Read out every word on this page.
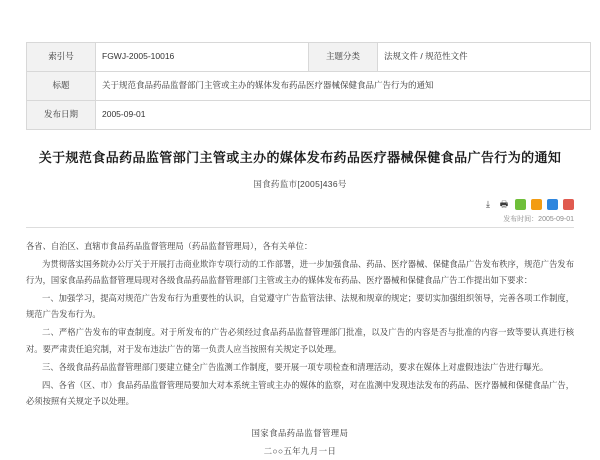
索引号	FGWJ-2005-10016	主题分类	法规文件 / 规范性文件
标题	关于规范食品药品监督部门主管或主办的媒体发布药品医疗器械保健食品广告行为的通知		
发布日期	2005-09-01		
关于规范食品药品监管部门主管或主办的媒体发布药品医疗器械保健食品广告行为的通知
国食药监市[2005]436号
⤓	🖶
发布时间：2005-09-01

各省、自治区、直辖市食品药品监督管理局（药品监督管理局），各有关单位：

为贯彻落实国务院办公厅关于开展打击商业欺诈专项行动的工作部署，进一步加强食品、药品、医疗器械、保健食品广告发布秩序，规范广告发布行为，国家食品药品监督管理局现对各级食品药品监督管理部门主管或主办的媒体发布药品、医疗器械和保健食品广告工作提出如下要求：

一、加强学习，提高对规范广告发布行为重要性的认识，自觉遵守广告监管法律、法规和规章的规定；要切实加强组织领导，完善各项工作制度，规范广告发布行为。

二、严格广告发布的审查制度。对于所发布的广告必须经过食品药品监督管理部门批准，以及广告的内容是否与批准的内容一致等要认真进行核对。要严肃责任追究制，对于发布违法广告的第一负责人应当按照有关规定予以处理。

三、各级食品药品监督管理部门要建立健全广告监测工作制度，要开展一项专项检查和清理活动，要求在媒体上对虚假违法广告进行曝光。

四、各省（区、市）食品药品监督管理局要加大对本系统主管或主办的媒体的监察，对在监测中发现违法发布的药品、医疗器械和保健食品广告，必须按照有关规定予以处理。

国家食品药品监督管理局
二○○五年九月一日
